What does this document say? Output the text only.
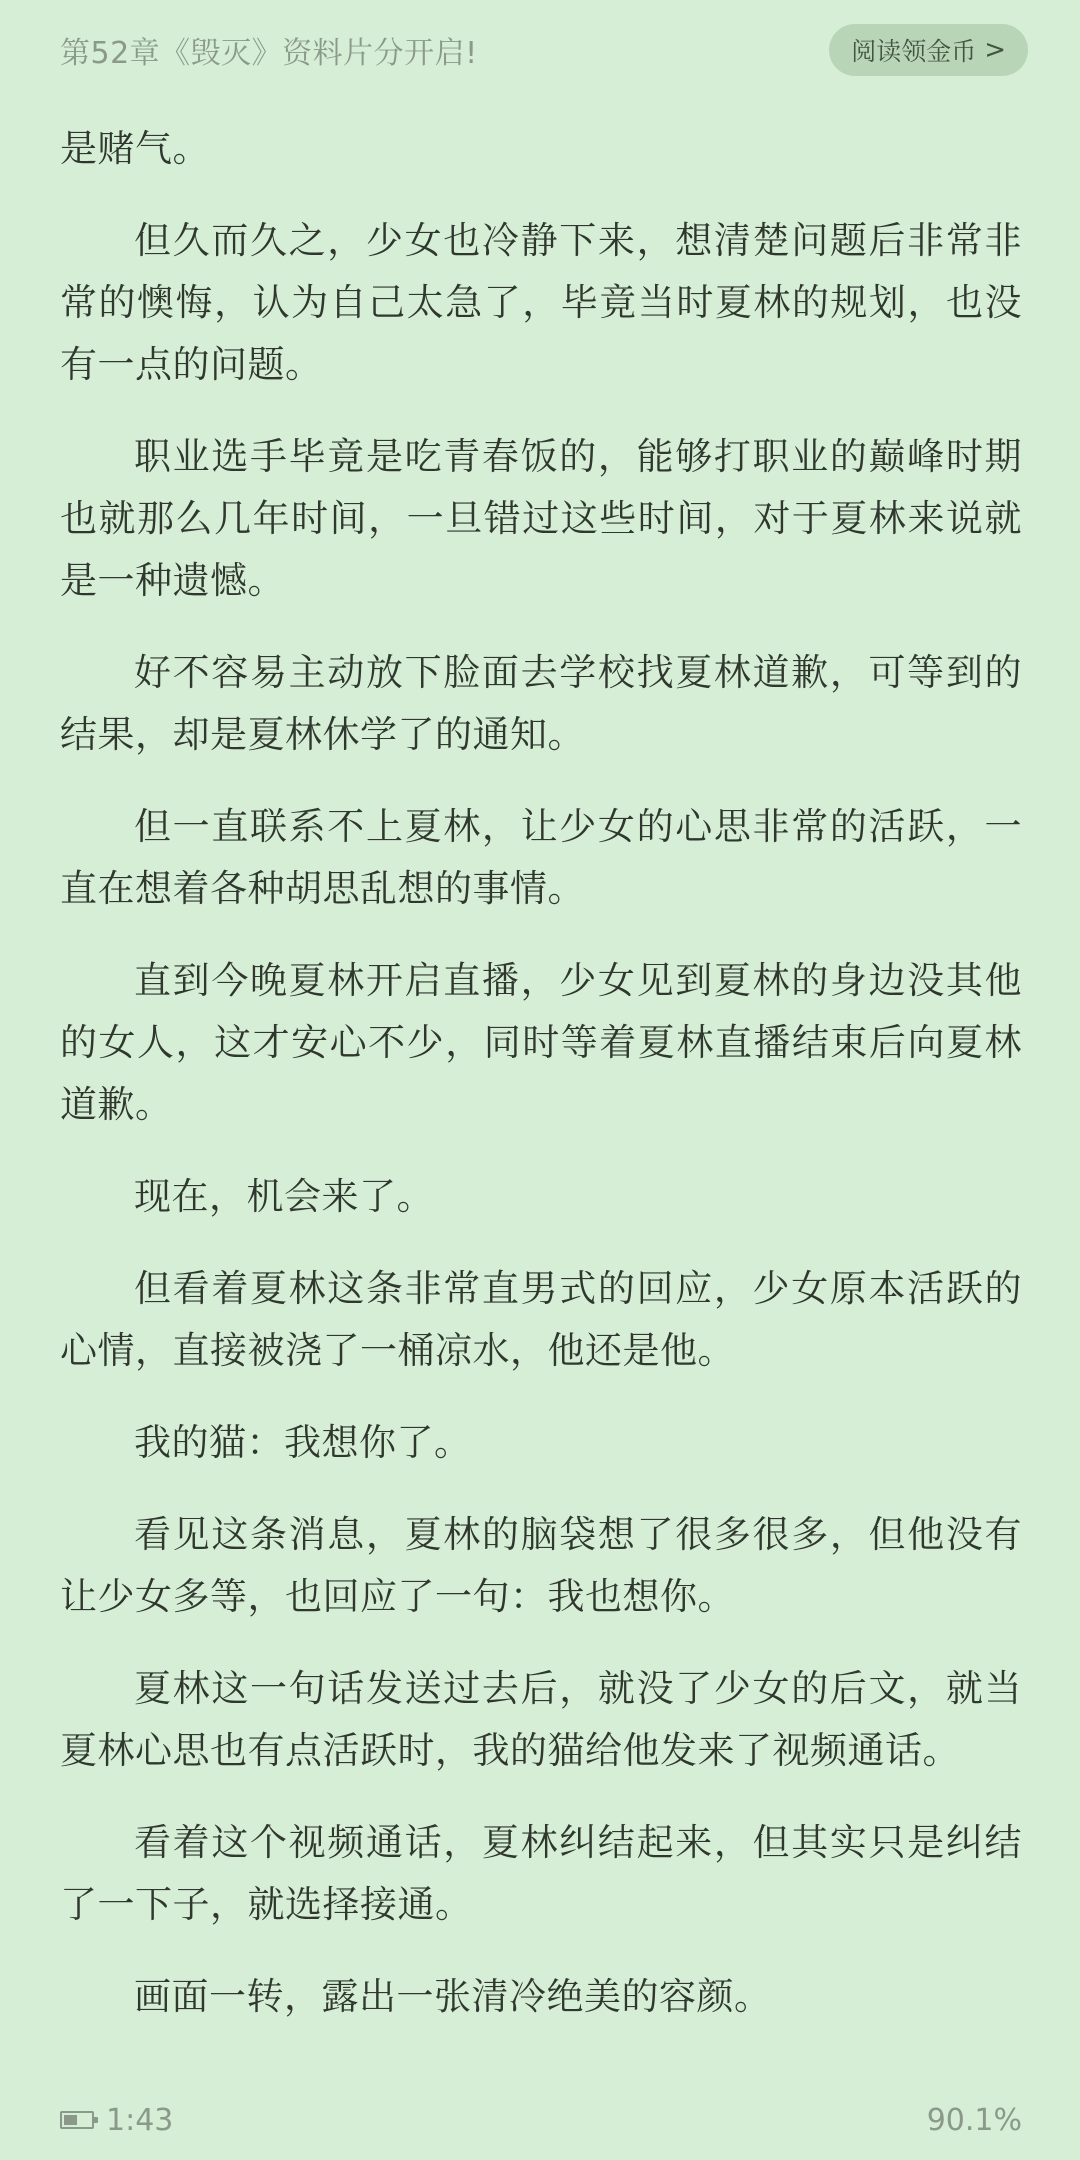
第52章《毁灭》资料片分开启!	阅读领金币 >

是赌气。

但久而久之，少女也冷静下来，想清楚问题后非常非常的懊悔，认为自己太急了，毕竟当时夏林的规划，也没有一点的问题。

职业选手毕竟是吃青春饭的，能够打职业的巅峰时期也就那么几年时间，一旦错过这些时间，对于夏林来说就是一种遗憾。

好不容易主动放下脸面去学校找夏林道歉，可等到的结果，却是夏林休学了的通知。

但一直联系不上夏林，让少女的心思非常的活跃，一直在想着各种胡思乱想的事情。

直到今晚夏林开启直播，少女见到夏林的身边没其他的女人，这才安心不少，同时等着夏林直播结束后向夏林道歉。

现在，机会来了。

但看着夏林这条非常直男式的回应，少女原本活跃的心情，直接被浇了一桶凉水，他还是他。

我的猫：我想你了。

看见这条消息，夏林的脑袋想了很多很多，但他没有让少女多等，也回应了一句：我也想你。

夏林这一句话发送过去后，就没了少女的后文，就当夏林心思也有点活跃时，我的猫给他发来了视频通话。

看着这个视频通话，夏林纠结起来，但其实只是纠结了一下子，就选择接通。

画面一转，露出一张清冷绝美的容颜。

1:43	90.1%
